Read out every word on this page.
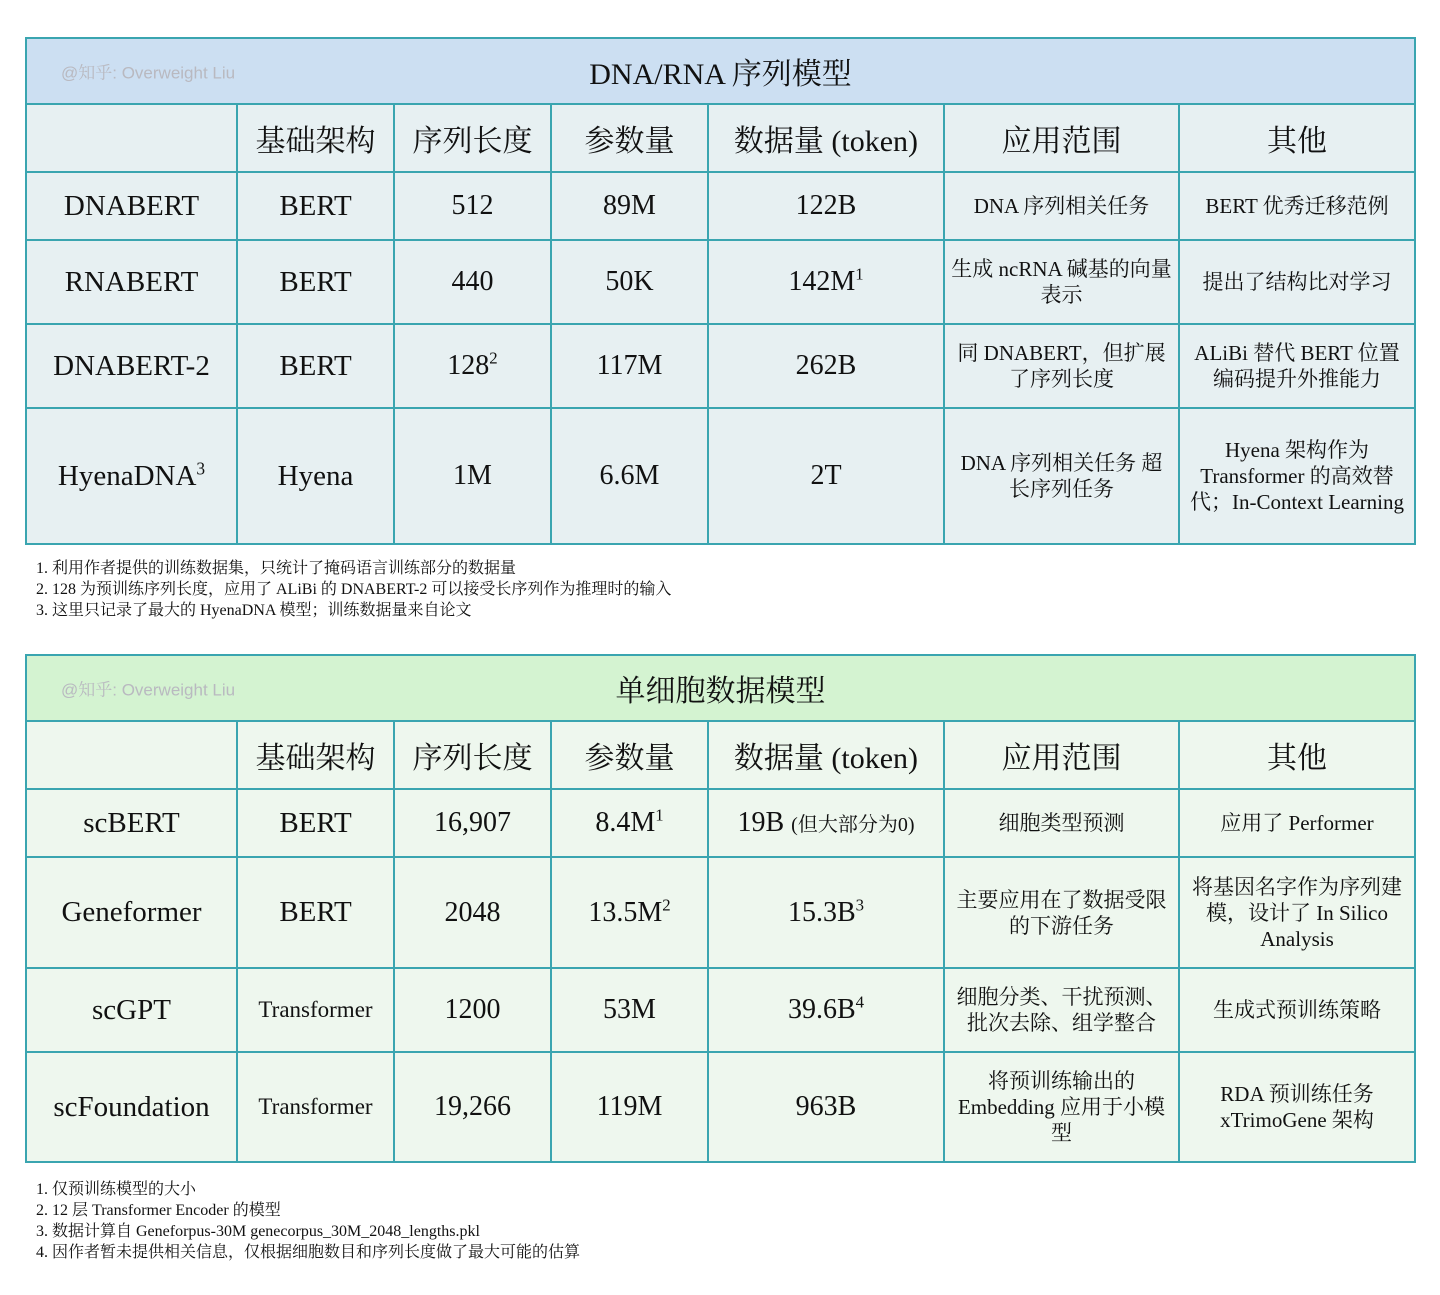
@知乎: Overweight Liu DNA/RNA 序列模型						
	基础架构	序列长度	参数量	数据量 (token)	应用范围	其他
DNABERT	BERT	512	89M	122B	DNA 序列相关任务	BERT 优秀迁移范例
RNABERT	BERT	440	50K	$142M^1$	生成 ncRNA 碱基的向量表示	提出了结构比对学习
DNABERT-2	BERT	$128^2$	117M	262B	同 DNABERT，但扩展了序列长度	ALiBi 替代 BERT 位置编码提升外推能力
HyenaDNA$^3$	Hyena	1M	6.6M	2T	DNA 序列相关任务 超长序列任务	Hyena 架构作为 Transformer 的高效替代；In-Context Learning
1. 利用作者提供的训练数据集，只统计了掩码语言训练部分的数据量
2. 128 为预训练序列长度，应用了 ALiBi 的 DNABERT-2 可以接受长序列作为推理时的输入
3. 这里只记录了最大的 HyenaDNA 模型；训练数据量来自论文
@知乎: Overweight Liu 单细胞数据模型						
	基础架构	序列长度	参数量	数据量 (token)	应用范围	其他
scBERT	BERT	16,907	$8.4M^1$	19B (但大部分为0)	细胞类型预测	应用了 Performer
Geneformer	BERT	2048	$13.5M^2$	$15.3B^3$	主要应用在了数据受限的下游任务	将基因名字作为序列建模，设计了 In Silico Analysis
scGPT	Transformer	1200	53M	$39.6B^4$	细胞分类、干扰预测、批次去除、组学整合	生成式预训练策略
scFoundation	Transformer	19,266	119M	963B	将预训练输出的 Embedding 应用于小模型	RDA 预训练任务 xTrimoGene 架构
1. 仅预训练模型的大小
2. 12 层 Transformer Encoder 的模型
3. 数据计算自 Geneforpus-30M genecorpus_30M_2048_lengths.pkl
4. 因作者暂未提供相关信息，仅根据细胞数目和序列长度做了最大可能的估算
